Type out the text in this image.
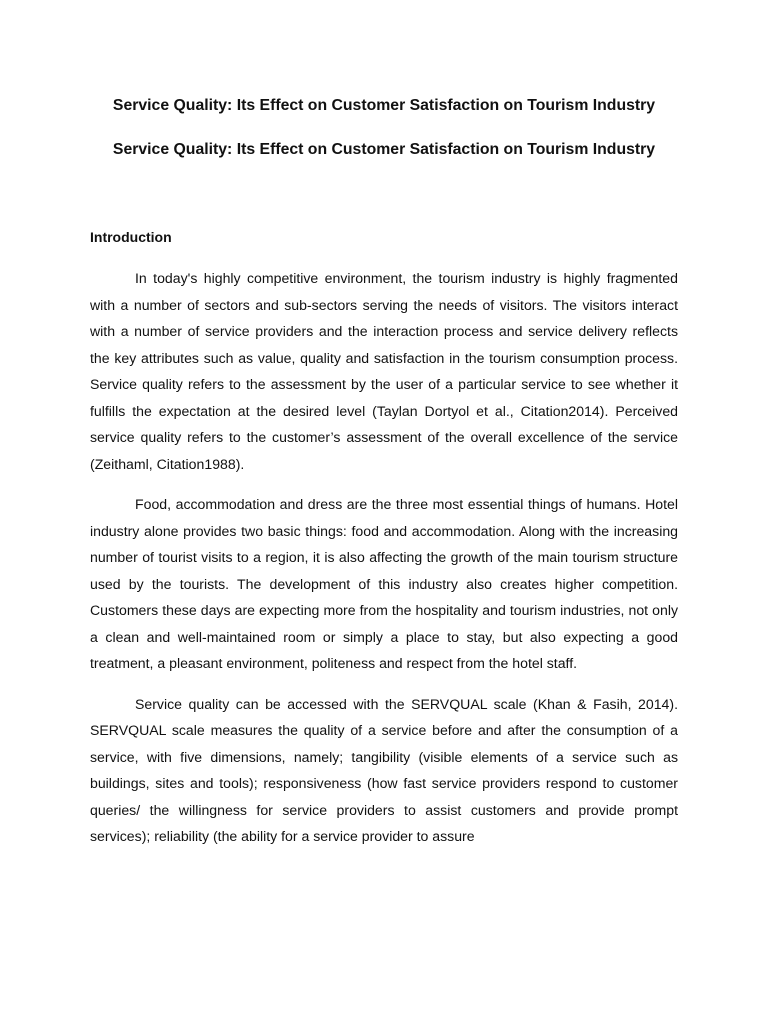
Service Quality: Its Effect on Customer Satisfaction on Tourism Industry
Service Quality: Its Effect on Customer Satisfaction on Tourism Industry
Introduction

In today's highly competitive environment, the tourism industry is highly fragmented with a number of sectors and sub-sectors serving the needs of visitors. The visitors interact with a number of service providers and the interaction process and service delivery reflects the key attributes such as value, quality and satisfaction in the tourism consumption process. Service quality refers to the assessment by the user of a particular service to see whether it fulfills the expectation at the desired level (Taylan Dortyol et al., Citation2014). Perceived service quality refers to the customer’s assessment of the overall excellence of the service (Zeithaml, Citation1988).

Food, accommodation and dress are the three most essential things of humans. Hotel industry alone provides two basic things: food and accommodation. Along with the increasing number of tourist visits to a region, it is also affecting the growth of the main tourism structure used by the tourists. The development of this industry also creates higher competition. Customers these days are expecting more from the hospitality and tourism industries, not only a clean and well-maintained room or simply a place to stay, but also expecting a good treatment, a pleasant environment, politeness and respect from the hotel staff.

Service quality can be accessed with the SERVQUAL scale (Khan & Fasih, 2014). SERVQUAL scale measures the quality of a service before and after the consumption of a service, with five dimensions, namely; tangibility (visible elements of a service such as buildings, sites and tools); responsiveness (how fast service providers respond to customer queries/ the willingness for service providers to assist customers and provide prompt services); reliability (the ability for a service provider to assure
